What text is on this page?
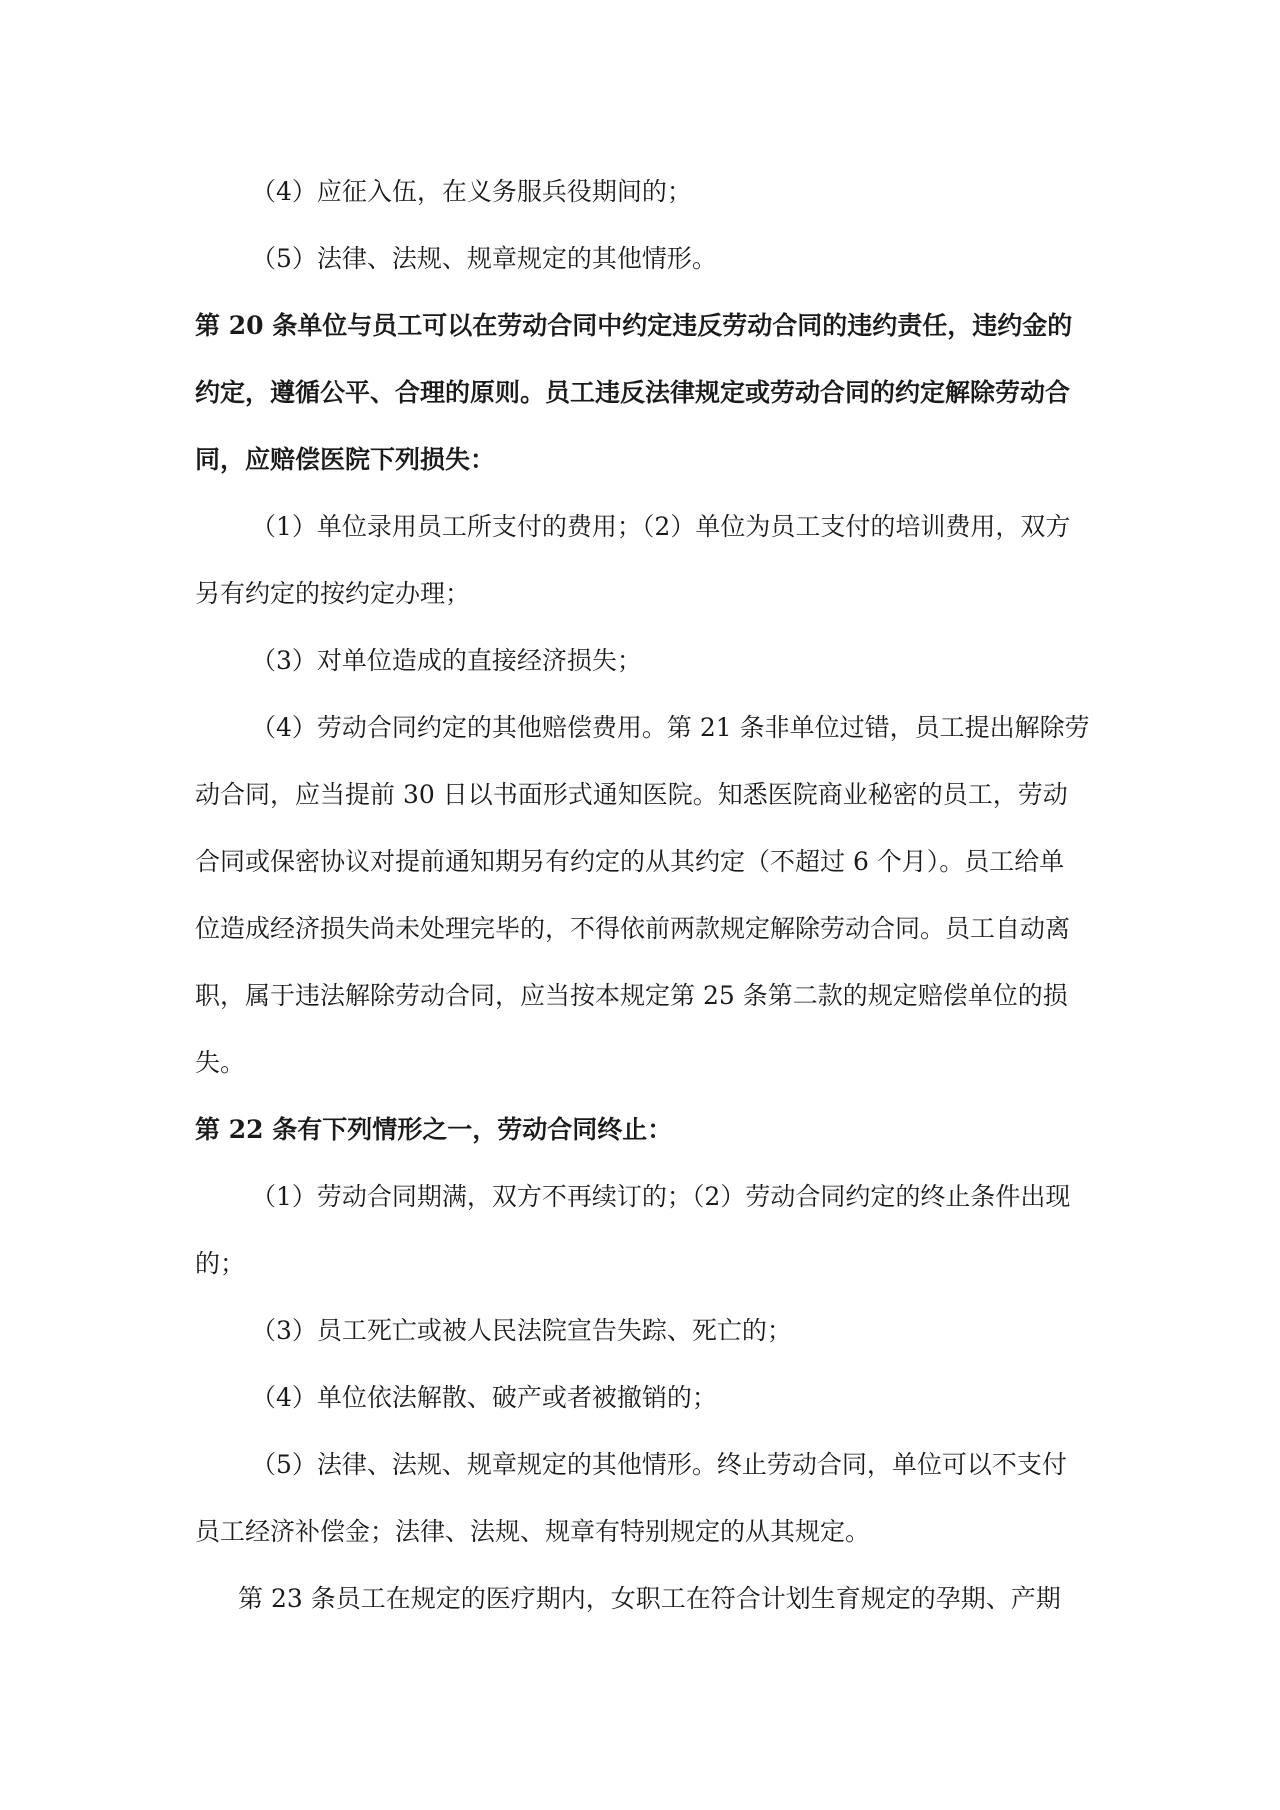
（4）应征入伍，在义务服兵役期间的；
（5）法律、法规、规章规定的其他情形。
第 20 条单位与员工可以在劳动合同中约定违反劳动合同的违约责任，违约金的
约定，遵循公平、合理的原则。员工违反法律规定或劳动合同的约定解除劳动合
同，应赔偿医院下列损失：
（1）单位录用员工所支付的费用；（2）单位为员工支付的培训费用，双方
另有约定的按约定办理；
（3）对单位造成的直接经济损失；
（4）劳动合同约定的其他赔偿费用。第 21 条非单位过错，员工提出解除劳
动合同，应当提前 30 日以书面形式通知医院。知悉医院商业秘密的员工，劳动
合同或保密协议对提前通知期另有约定的从其约定（不超过 6 个月）。员工给单
位造成经济损失尚未处理完毕的，不得依前两款规定解除劳动合同。员工自动离
职，属于违法解除劳动合同，应当按本规定第 25 条第二款的规定赔偿单位的损
失。
第 22 条有下列情形之一，劳动合同终止：
（1）劳动合同期满，双方不再续订的；（2）劳动合同约定的终止条件出现
的；
（3）员工死亡或被人民法院宣告失踪、死亡的；
（4）单位依法解散、破产或者被撤销的；
（5）法律、法规、规章规定的其他情形。终止劳动合同，单位可以不支付
员工经济补偿金；法律、法规、规章有特别规定的从其规定。
第 23 条员工在规定的医疗期内，女职工在符合计划生育规定的孕期、产期
